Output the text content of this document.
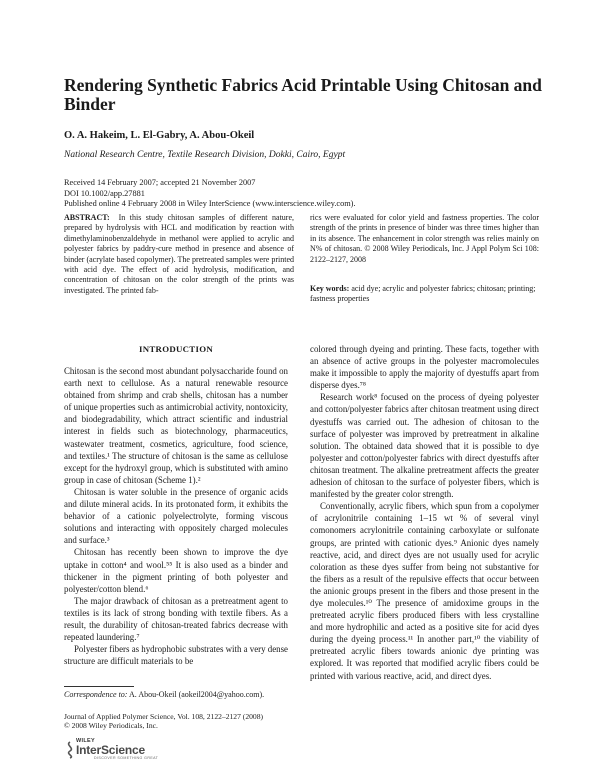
Rendering Synthetic Fabrics Acid Printable Using Chitosan and Binder
O. A. Hakeim, L. El-Gabry, A. Abou-Okeil
National Research Centre, Textile Research Division, Dokki, Cairo, Egypt
Received 14 February 2007; accepted 21 November 2007
DOI 10.1002/app.27881
Published online 4 February 2008 in Wiley InterScience (www.interscience.wiley.com).
ABSTRACT: In this study chitosan samples of different nature, prepared by hydrolysis with HCL and modification by reaction with dimethylaminobenzaldehyde in methanol were applied to acrylic and polyester fabrics by paddry-cure method in presence and absence of binder (acrylate based copolymer). The pretreated samples were printed with acid dye. The effect of acid hydrolysis, modification, and concentration of chitosan on the color strength of the prints was investigated. The printed fab-
rics were evaluated for color yield and fastness properties. The color strength of the prints in presence of binder was three times higher than in its absence. The enhancement in color strength was relies mainly on N% of chitosan. © 2008 Wiley Periodicals, Inc. J Appl Polym Sci 108: 2122–2127, 2008
Key words: acid dye; acrylic and polyester fabrics; chitosan; printing; fastness properties
INTRODUCTION

Chitosan is the second most abundant polysaccharide found on earth next to cellulose. As a natural renewable resource obtained from shrimp and crab shells, chitosan has a number of unique properties such as antimicrobial activity, nontoxicity, and biodegradability, which attract scientific and industrial interest in fields such as biotechnology, pharmaceutics, wastewater treatment, cosmetics, agriculture, food science, and textiles.¹ The structure of chitosan is the same as cellulose except for the hydroxyl group, which is substituted with amino group in case of chitosan (Scheme 1).²

Chitosan is water soluble in the presence of organic acids and dilute mineral acids. In its protonated form, it exhibits the behavior of a cationic polyelectrolyte, forming viscous solutions and interacting with oppositely charged molecules and surface.³

Chitosan has recently been shown to improve the dye uptake in cotton⁴ and wool.⁵⁵ It is also used as a binder and thickener in the pigment printing of both polyester and polyester/cotton blend.⁶

The major drawback of chitosan as a pretreatment agent to textiles is its lack of strong bonding with textile fibers. As a result, the durability of chitosan-treated fabrics decrease with repeated laundering.⁷

Polyester fibers as hydrophobic substrates with a very dense structure are difficult materials to be

colored through dyeing and printing. These facts, together with an absence of active groups in the polyester macromolecules make it impossible to apply the majority of dyestuffs apart from disperse dyes.⁷⁸

Research work⁸ focused on the process of dyeing polyester and cotton/polyester fabrics after chitosan treatment using direct dyestuffs was carried out. The adhesion of chitosan to the surface of polyester was improved by pretreatment in alkaline solution. The obtained data showed that it is possible to dye polyester and cotton/polyester fabrics with direct dyestuffs after chitosan treatment. The alkaline pretreatment affects the greater adhesion of chitosan to the surface of polyester fibers, which is manifested by the greater color strength.

Conventionally, acrylic fibers, which spun from a copolymer of acrylonitrile containing 1–15 wt % of several vinyl comonomers acrylonitrile containing carboxylate or sulfonate groups, are printed with cationic dyes.⁹ Anionic dyes namely reactive, acid, and direct dyes are not usually used for acrylic coloration as these dyes suffer from being not substantive for the fibers as a result of the repulsive effects that occur between the anionic groups present in the fibers and those present in the dye molecules.¹⁰ The presence of amidoxime groups in the pretreated acrylic fibers produced fibers with less crystalline and more hydrophilic and acted as a positive site for acid dyes during the dyeing process.¹¹ In another part,¹⁰ the viability of pretreated acrylic fibers towards anionic dye printing was explored. It was reported that modified acrylic fibers could be printed with various reactive, acid, and direct dyes.

Correspondence to: A. Abou-Okeil (aokeil2004@yahoo.com).
Journal of Applied Polymer Science, Vol. 108, 2122–2127 (2008)
© 2008 Wiley Periodicals, Inc.
WILEY
InterScience
DISCOVER SOMETHING GREAT
